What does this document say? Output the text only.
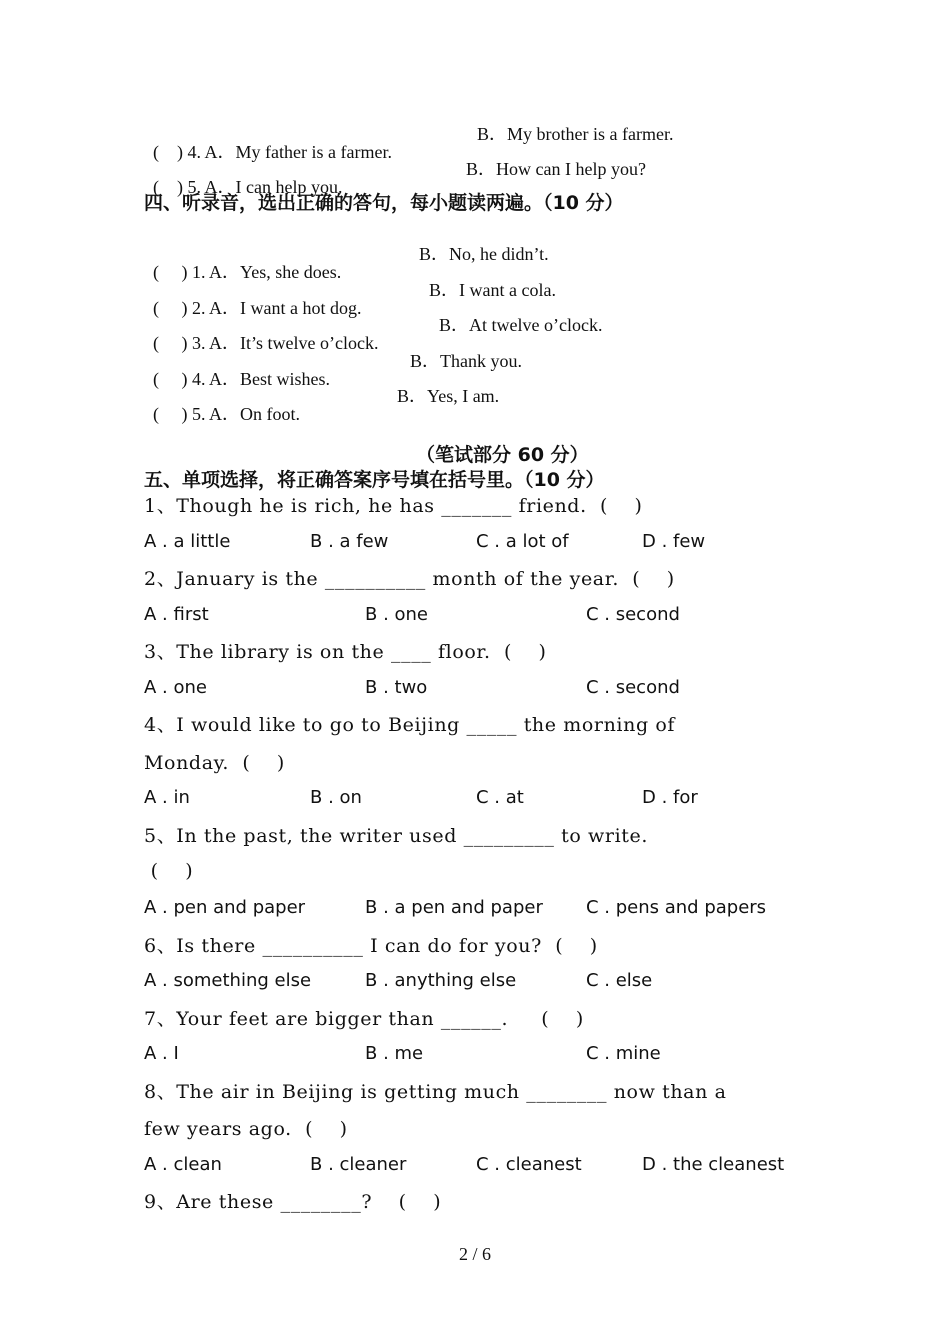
(    ) 4. A．My father is a farmer.

B．My brother is a farmer.

(    ) 5. A．I can help you.

B．How can I help you?
四、听录音，选出正确的答句，每小题读两遍。（10 分）

(     ) 1. A．Yes, she does.

B．No, he didn’t.

(     ) 2. A．I want a hot dog.

B．I want a cola.

(     ) 3. A．It’s twelve o’clock.

B．At twelve o’clock.

(     ) 4. A．Best wishes.

B．Thank you.

(     ) 5. A．On foot.

B．Yes, I am.
（笔试部分 60 分）
五、单项选择，将正确答案序号填在括号里。（10 分）
1、Though he is rich, he has _______ friend.  (    )
A . a little	B . a few	C . a lot of	D . few
2、January is the __________ month of the year.  (    )
A . first	B . one	C . second
3、The library is on the ____ floor.  (    )
A . one	B . two	C . second
4、I would like to go to Beijing _____ the morning of
Monday.  (    )
A . in	B . on	C . at	D . for
5、In the past, the writer used _________ to write.
(    )
A . pen and paper	B . a pen and paper C . pens and papers
6、Is there __________ I can do for you?  (    )
A . something else	B . anything else	C . else
7、Your feet are bigger than ______.     (    )
A . I	B . me	C . mine
8、The air in Beijing is getting much ________ now than a
few years ago.  (    )
A . clean	B . cleaner	C . cleanest	D . the cleanest
9、Are these ________?    (    )
2 / 6
